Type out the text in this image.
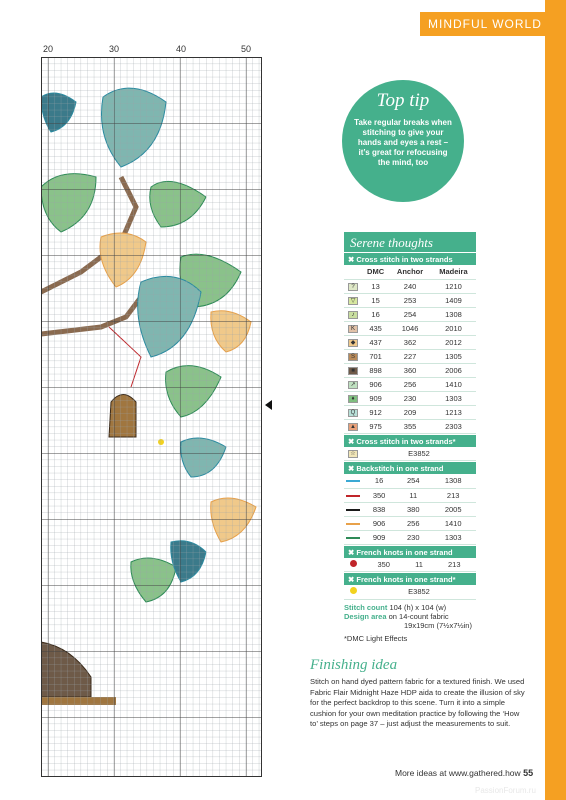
MINDFUL WORLD
20	30	40	50
Top tip
Take regular breaks when stitching to give your hands and eyes a rest – it’s great for refocusing the mind, too
Serene thoughts
✖ Cross stitch in two strands
	DMC	Anchor	Madeira
?	13	240	1210
▽	15	253	1409
♪	16	254	1308
K	435	1046	2010
◆	437	362	2012
S	701	227	1305
■	898	360	2006
↗	906	256	1410
♦	909	230	1303
Q	912	209	1213
▲	975	355	2303
✖ Cross stitch in two strands*
☆	E3852		
✖ Backstitch in one strand
	16	254	1308
	350	11	213
	838	380	2005
	906	256	1410
	909	230	1303
✖ French knots in one strand
	350	11	213
✖ French knots in one strand*
	E3852		
Stitch count 104 (h) x 104 (w)
Design area on 14-count fabric
19x19cm (7½x7½in)
*DMC Light Effects
Finishing idea
Stitch on hand dyed pattern fabric for a textured finish. We used Fabric Flair Midnight Haze HDP aida to create the illusion of sky for the perfect backdrop to this scene. Turn it into a simple cushion for your own meditation practice by following the ‘How to’ steps on page 37 – just adjust the measurements to suit.
More ideas at www.gathered.how 55
PassionForum.ru
